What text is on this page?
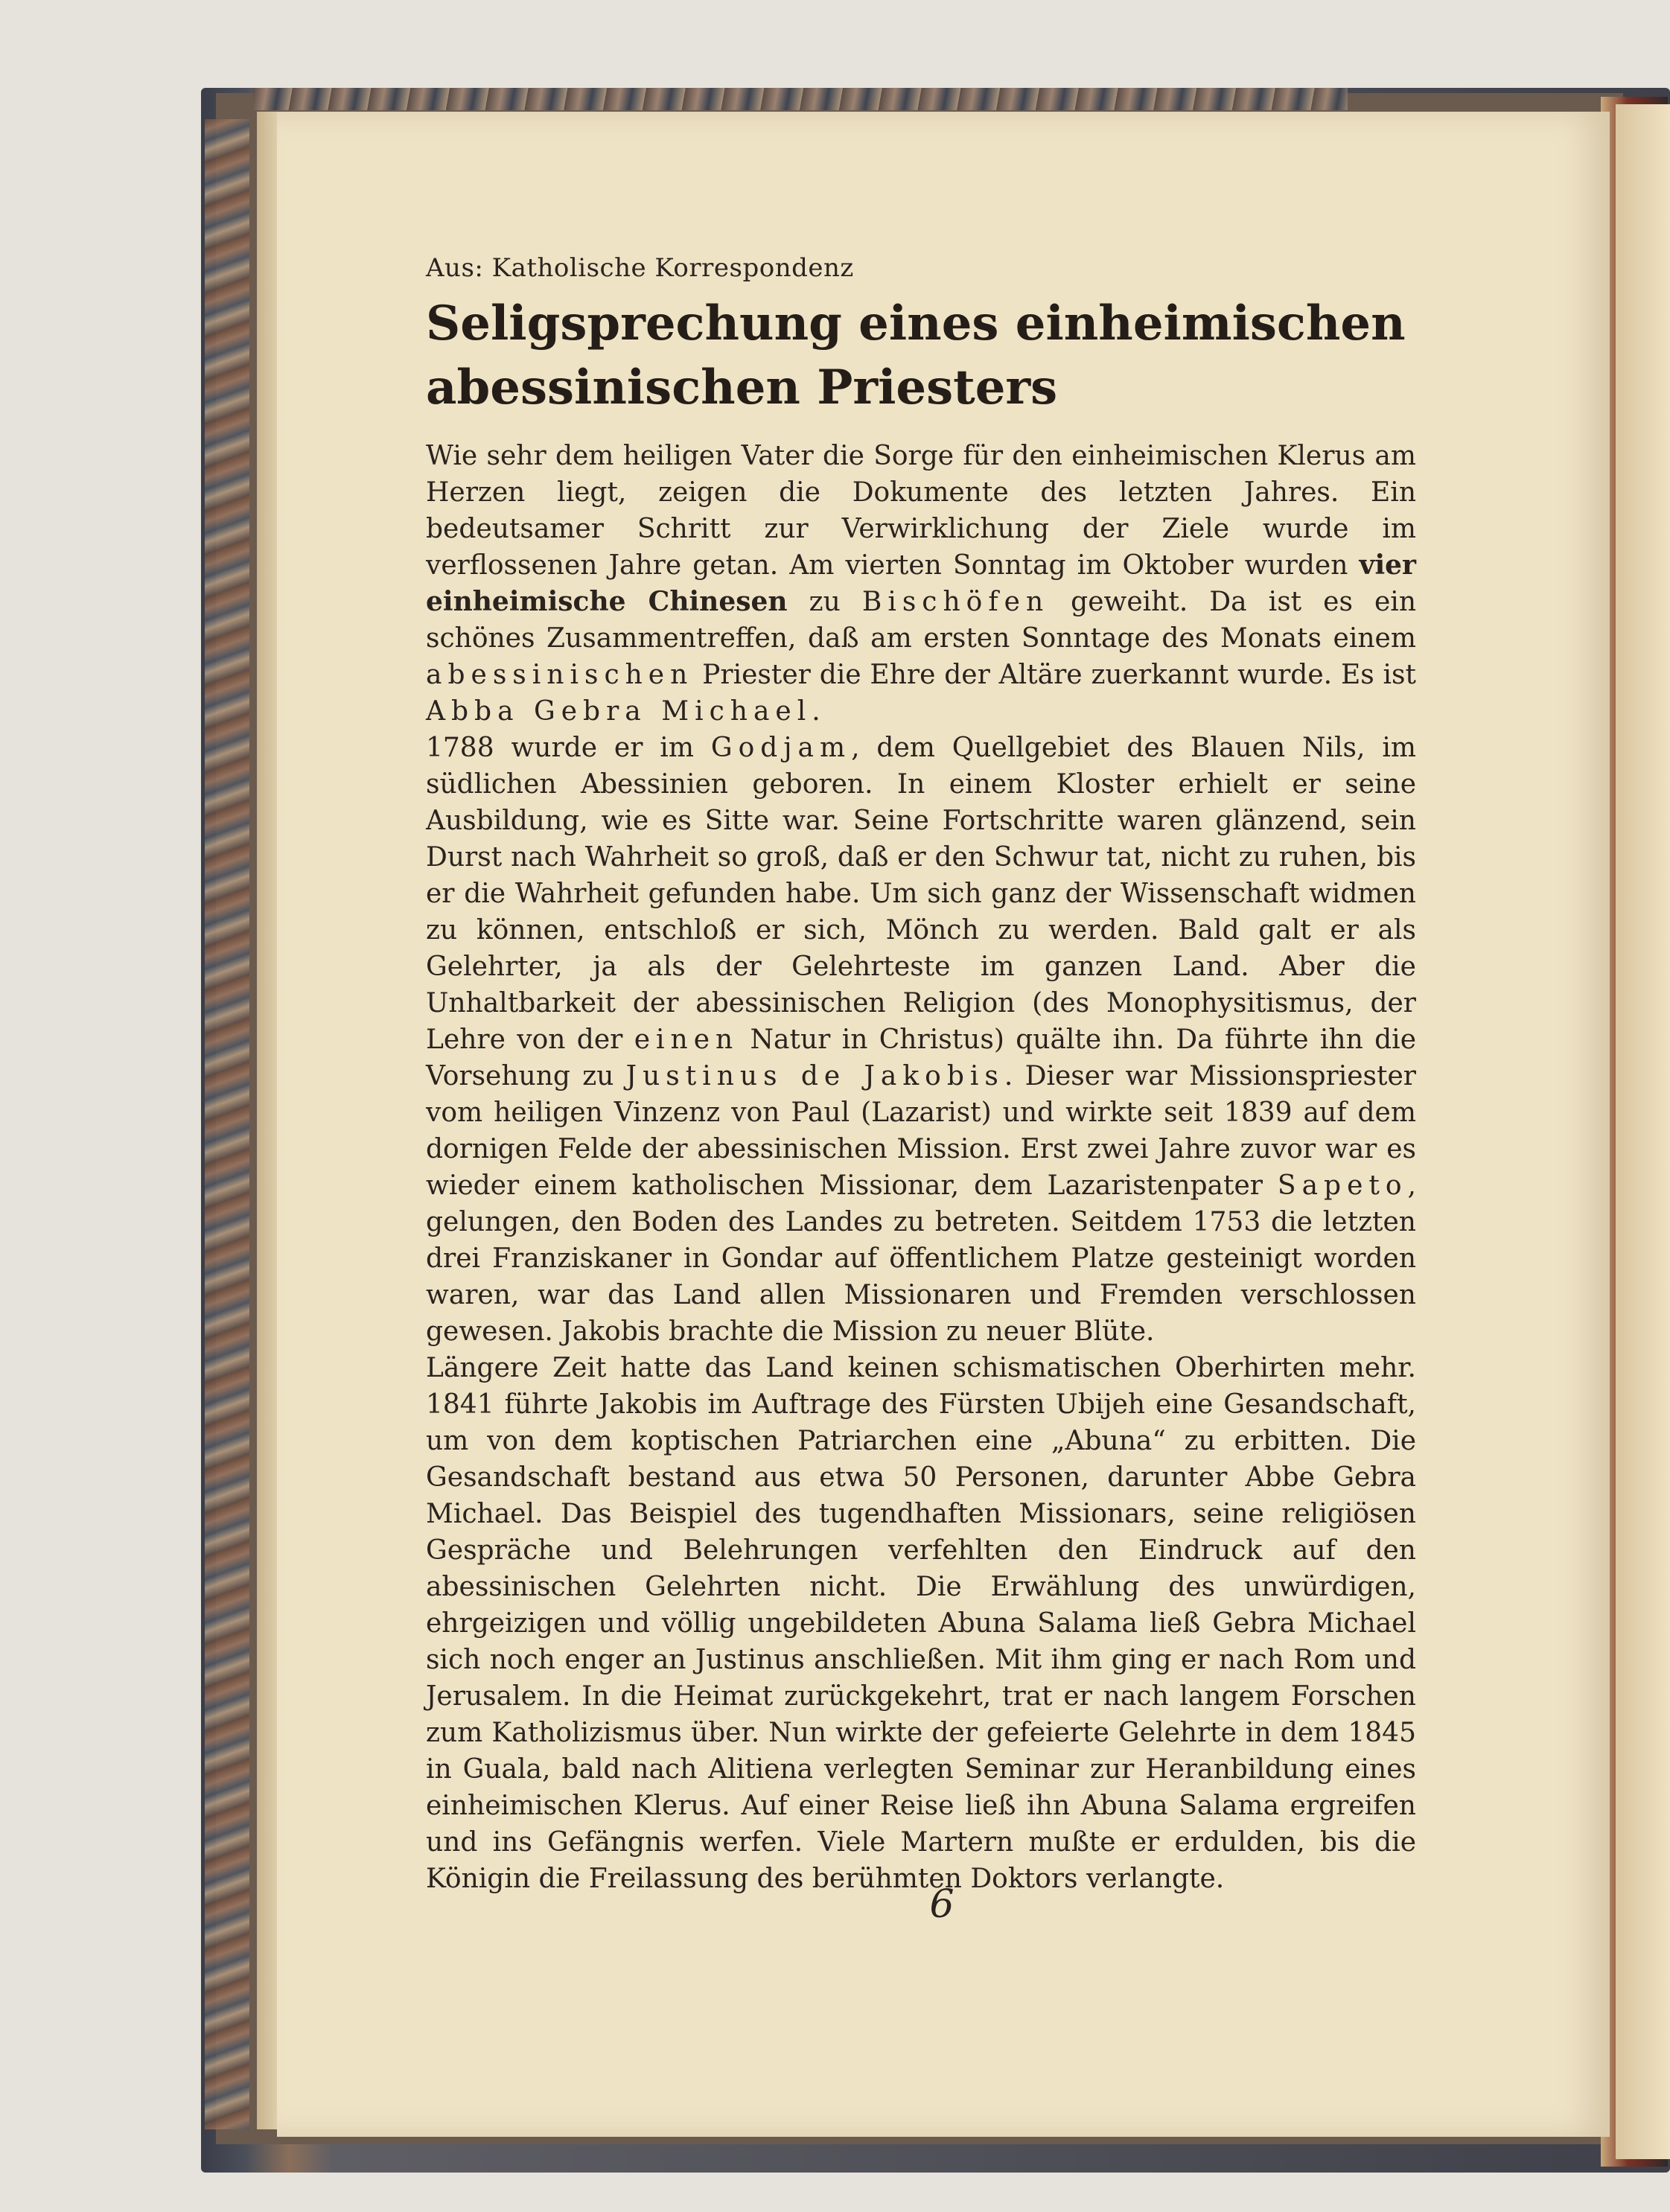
Aus: Katholische Korrespondenz
Seligsprechung eines einheimischen
abessinischen Priesters

Wie sehr dem heiligen Vater die Sorge für den einheimischen Klerus am Herzen liegt, zeigen die Dokumente des letzten Jahres. Ein bedeutsamer Schritt zur Verwirklichung der Ziele wurde im verflossenen Jahre getan. Am vierten Sonntag im Oktober wurden vier einheimische Chinesen zu Bischöfen geweiht. Da ist es ein schönes Zusammentreffen, daß am ersten Sonntage des Monats einem abessinischen Priester die Ehre der Altäre zuerkannt wurde. Es ist Abba Gebra Michael.

1788 wurde er im Godjam, dem Quellgebiet des Blauen Nils, im südlichen Abessinien geboren. In einem Kloster erhielt er seine Ausbildung, wie es Sitte war. Seine Fortschritte waren glänzend, sein Durst nach Wahrheit so groß, daß er den Schwur tat, nicht zu ruhen, bis er die Wahrheit gefunden habe. Um sich ganz der Wissenschaft widmen zu können, entschloß er sich, Mönch zu werden. Bald galt er als Gelehrter, ja als der Gelehrteste im ganzen Land. Aber die Unhaltbarkeit der abessinischen Religion (des Monophysitismus, der Lehre von der einen Natur in Christus) quälte ihn. Da führte ihn die Vorsehung zu Justinus de Jakobis. Dieser war Missionspriester vom heiligen Vinzenz von Paul (Lazarist) und wirkte seit 1839 auf dem dornigen Felde der abessinischen Mission. Erst zwei Jahre zuvor war es wieder einem katholischen Missionar, dem Lazaristenpater Sapeto, gelungen, den Boden des Landes zu betreten. Seitdem 1753 die letzten drei Franziskaner in Gondar auf öffentlichem Platze gesteinigt worden waren, war das Land allen Missionaren und Fremden verschlossen gewesen. Jakobis brachte die Mission zu neuer Blüte.

Längere Zeit hatte das Land keinen schismatischen Oberhirten mehr. 1841 führte Jakobis im Auftrage des Fürsten Ubijeh eine Gesandschaft, um von dem koptischen Patriarchen eine „Abuna“ zu erbitten. Die Gesandschaft bestand aus etwa 50 Personen, darunter Abbe Gebra Michael. Das Beispiel des tugendhaften Missionars, seine religiösen Gespräche und Belehrungen verfehlten den Eindruck auf den abessinischen Gelehrten nicht. Die Erwählung des unwürdigen, ehrgeizigen und völlig ungebildeten Abuna Salama ließ Gebra Michael sich noch enger an Justinus anschließen. Mit ihm ging er nach Rom und Jerusalem. In die Heimat zurückgekehrt, trat er nach langem Forschen zum Katholizismus über. Nun wirkte der gefeierte Gelehrte in dem 1845 in Guala, bald nach Alitiena verlegten Seminar zur Heranbildung eines einheimischen Klerus. Auf einer Reise ließ ihn Abuna Salama ergreifen und ins Gefängnis werfen. Viele Martern mußte er erdulden, bis die Königin die Freilassung des berühmten Doktors verlangte.

6
